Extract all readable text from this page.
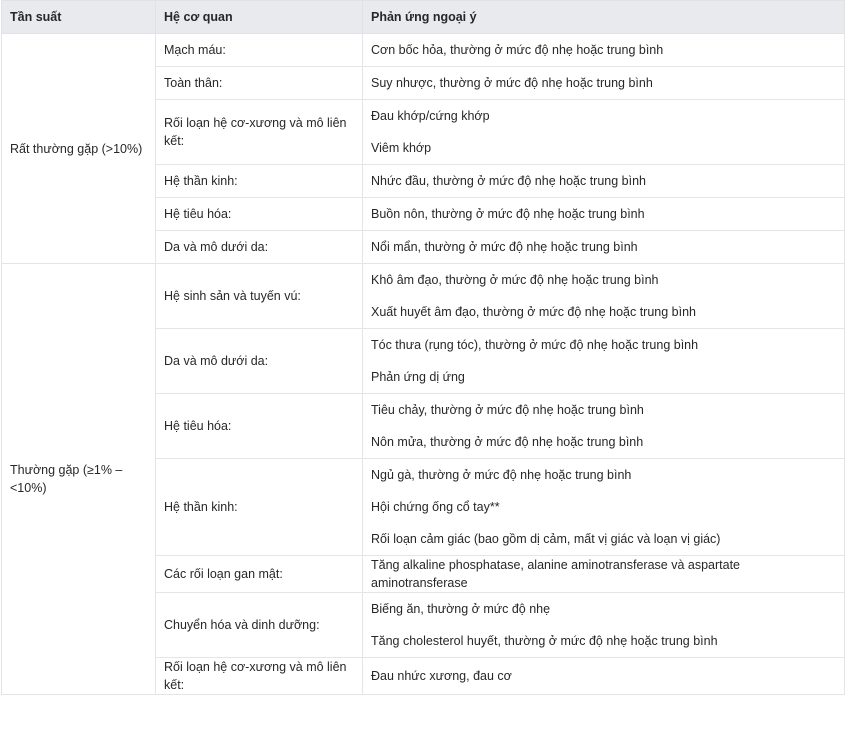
Tần suất	Hệ cơ quan	Phản ứng ngoại ý
Rất thường gặp (>10%)	Mạch máu:	Cơn bốc hỏa, thường ở mức độ nhẹ hoặc trung bình

	Toàn thân:	Suy nhược, thường ở mức độ nhẹ hoặc trung bình

	Rối loạn hệ cơ-xương và mô liên kết:	Đau khớp/cứng khớp
Viêm khớp

	Hệ thần kinh:	Nhức đầu, thường ở mức độ nhẹ hoặc trung bình

	Hệ tiêu hóa:	Buồn nôn, thường ở mức độ nhẹ hoặc trung bình

	Da và mô dưới da:	Nổi mẩn, thường ở mức độ nhẹ hoặc trung bình

Thường gặp (≥1% – <10%)	Hệ sinh sản và tuyến vú:	Khô âm đạo, thường ở mức độ nhẹ hoặc trung bình
Xuất huyết âm đạo, thường ở mức độ nhẹ hoặc trung bình

	Da và mô dưới da:	Tóc thưa (rụng tóc), thường ở mức độ nhẹ hoặc trung bình
Phản ứng dị ứng

	Hệ tiêu hóa:	Tiêu chảy, thường ở mức độ nhẹ hoặc trung bình
Nôn mửa, thường ở mức độ nhẹ hoặc trung bình

	Hệ thần kinh:	Ngủ gà, thường ở mức độ nhẹ hoặc trung bình
Hội chứng ống cổ tay**
Rối loạn cảm giác (bao gồm dị cảm, mất vị giác và loạn vị giác)

	Các rối loạn gan mật:	Tăng alkaline phosphatase, alanine aminotransferase và aspartate aminotransferase

	Chuyển hóa và dinh dưỡng:	Biếng ăn, thường ở mức độ nhẹ
Tăng cholesterol huyết, thường ở mức độ nhẹ hoặc trung bình

	Rối loạn hệ cơ-xương và mô liên kết:	Đau nhức xương, đau cơ
